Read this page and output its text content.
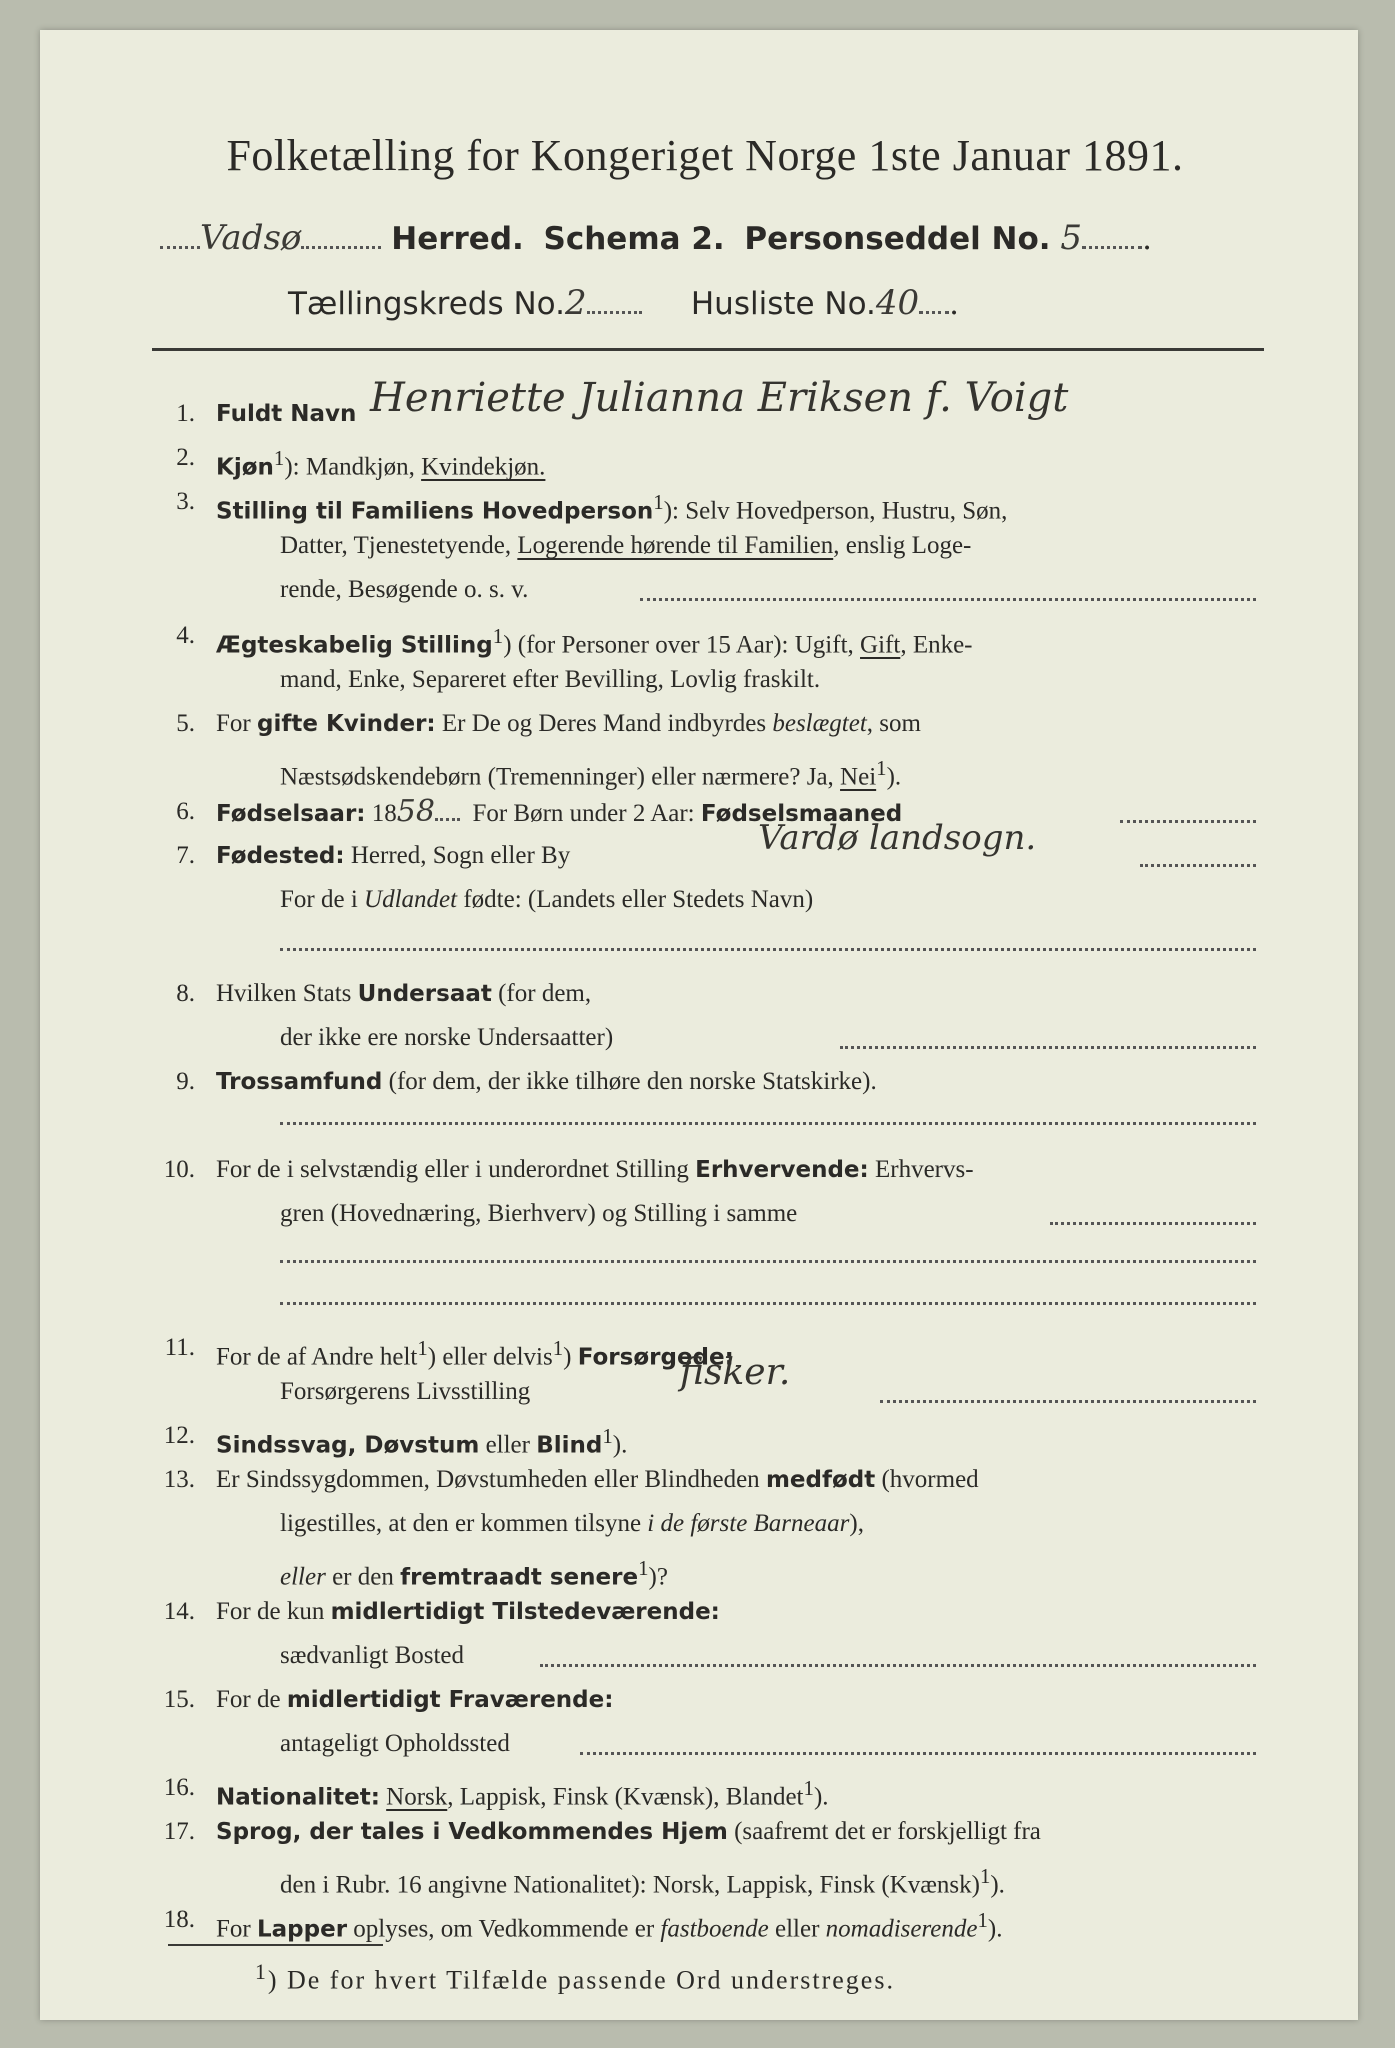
Folketælling for Kongeriget Norge 1ste Januar 1891.
Vadsø	Herred. Schema 2. Personseddel No. 5 .
Tællingskreds No.2	Husliste No.40 .
1. Fuldt Navn Henriette Julianna Eriksen f. Voigt
2. Kjøn$^1$): Mandkjøn, Kvindekjøn.
3. Stilling til Familiens Hovedperson$^1$): Selv Hovedperson, Hustru, Søn,
Datter, Tjenestetyende, Logerende hørende til Familien, enslig Loge-
rende, Besøgende o. s. v.
4. Ægteskabelig Stilling$^1$) (for Personer over 15 Aar): Ugift, Gift, Enke-
mand, Enke, Separeret efter Bevilling, Lovlig fraskilt.
5. For gifte Kvinder: Er De og Deres Mand indbyrdes beslægtet, som
Næstsødskendebørn (Tremenninger) eller nærmere? Ja, Nei$^1$).
6. Fødselsaar: 1858 For Børn under 2 Aar: Fødselsmaaned
7. Fødested: Herred, Sogn eller By	Vardø landsogn.
For de i Udlandet fødte: (Landets eller Stedets Navn)
8. Hvilken Stats Undersaat (for dem,
der ikke ere norske Undersaatter)
9. Trossamfund (for dem, der ikke tilhøre den norske Statskirke).
10. For de i selvstændig eller i underordnet Stilling Erhvervende: Erhvervs-
gren (Hovednæring, Bierhverv) og Stilling i samme
11. For de af Andre helt$^1$) eller delvis$^1$) Forsørgede:
Forsørgerens Livsstilling	fisker.
12. Sindssvag, Døvstum eller Blind$^1$).
13. Er Sindssygdommen, Døvstumheden eller Blindheden medfødt (hvormed
ligestilles, at den er kommen tilsyne i de første Barneaar),
eller er den fremtraadt senere$^1$)?
14. For de kun midlertidigt Tilstedeværende:
sædvanligt Bosted
15. For de midlertidigt Fraværende:
antageligt Opholdssted
16. Nationalitet: Norsk, Lappisk, Finsk (Kvænsk), Blandet$^1$).
17. Sprog, der tales i Vedkommendes Hjem (saafremt det er forskjelligt fra
den i Rubr. 16 angivne Nationalitet): Norsk, Lappisk, Finsk (Kvænsk)$^1$).
18. For Lapper oplyses, om Vedkommende er fastboende eller nomadiserende$^1$).
$^1$) De for hvert Tilfælde passende Ord understreges.
